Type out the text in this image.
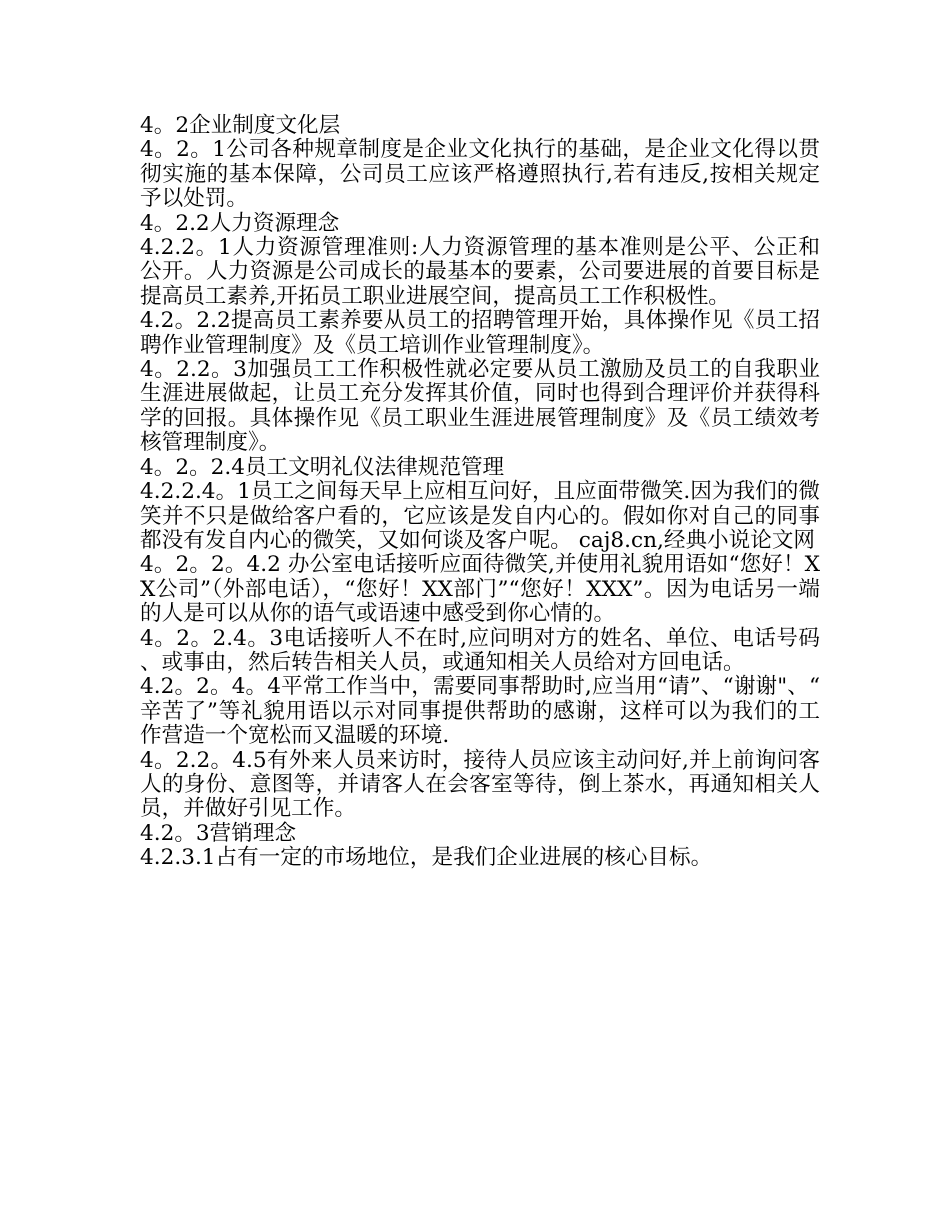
4。2企业制度文化层

4。2。1公司各种规章制度是企业文化执行的基础，是企业文化得以贯彻实施的基本保障，公司员工应该严格遵照执行,若有违反,按相关规定予以处罚。

4。2.2人力资源理念

4.2.2。1人力资源管理准则:人力资源管理的基本准则是公平、公正和公开。人力资源是公司成长的最基本的要素，公司要进展的首要目标是提高员工素养,开拓员工职业进展空间，提高员工工作积极性。

4.2。2.2提高员工素养要从员工的招聘管理开始，具体操作见《员工招聘作业管理制度》及《员工培训作业管理制度》。

4。2.2。3加强员工工作积极性就必定要从员工激励及员工的自我职业生涯进展做起，让员工充分发挥其价值，同时也得到合理评价并获得科学的回报。具体操作见《员工职业生涯进展管理制度》及《员工绩效考核管理制度》。

4。2。2.4员工文明礼仪法律规范管理

4.2.2.4。1员工之间每天早上应相互问好，且应面带微笑.因为我们的微笑并不只是做给客户看的，它应该是发自内心的。假如你对自己的同事都没有发自内心的微笑，又如何谈及客户呢。 caj8.cn,经典小说论文网

4。2。2。4.2 办公室电话接听应面待微笑,并使用礼貌用语如“您好！XX公司”（外部电话），“您好！XX部门”“您好！XXX”。因为电话另一端的人是可以从你的语气或语速中感受到你心情的。

4。2。2.4。3电话接听人不在时,应问明对方的姓名、单位、电话号码、或事由，然后转告相关人员，或通知相关人员给对方回电话。

4.2。2。4。4平常工作当中，需要同事帮助时,应当用“请”、“谢谢"、“辛苦了”等礼貌用语以示对同事提供帮助的感谢，这样可以为我们的工作营造一个宽松而又温暖的环境.

4。2.2。4.5有外来人员来访时，接待人员应该主动问好,并上前询问客人的身份、意图等，并请客人在会客室等待，倒上茶水，再通知相关人员，并做好引见工作。

4.2。3营销理念

4.2.3.1占有一定的市场地位，是我们企业进展的核心目标。
